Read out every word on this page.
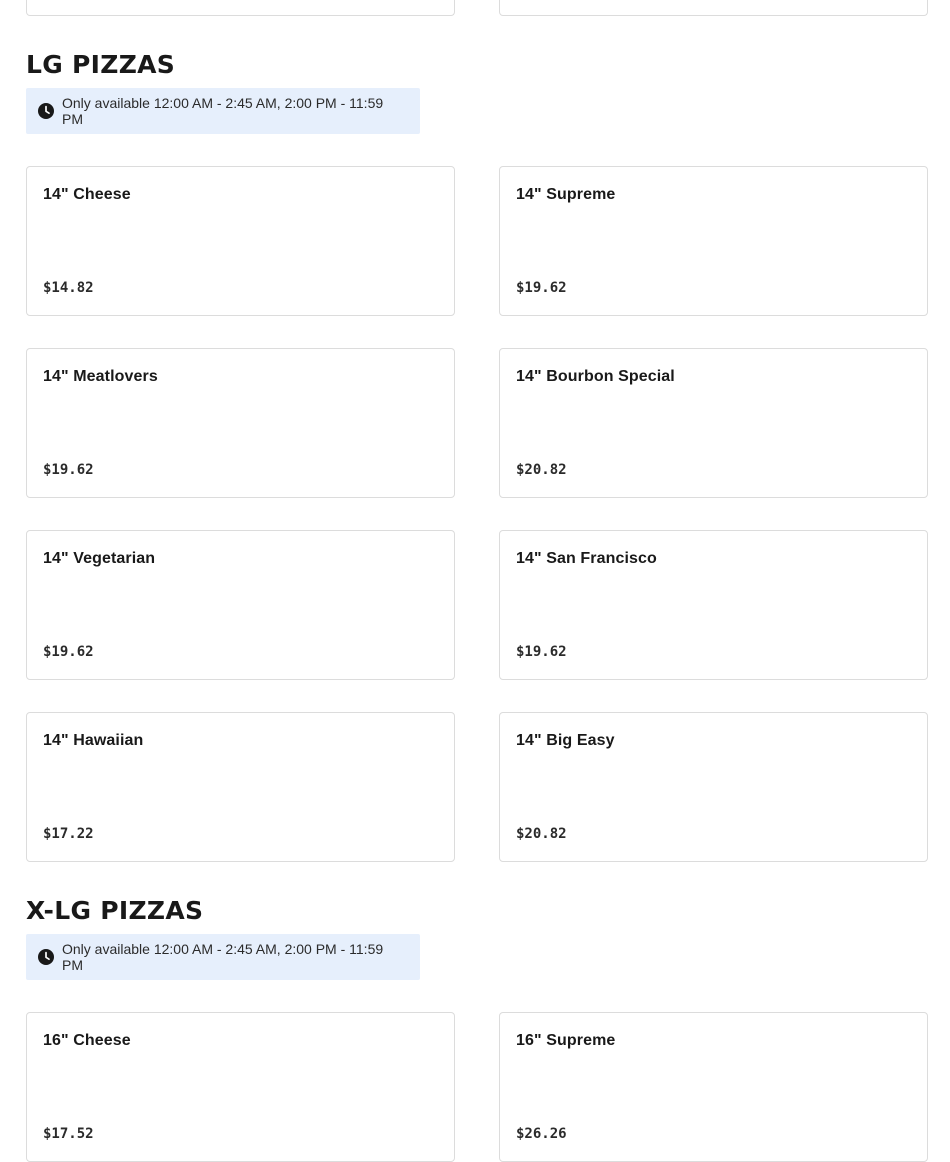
LG PIZZAS
Only available 12:00 AM - 2:45 AM, 2:00 PM - 11:59 PM
14" Cheese
$14.82
14" Supreme
$19.62
14" Meatlovers
$19.62
14" Bourbon Special
$20.82
14" Vegetarian
$19.62
14" San Francisco
$19.62
14" Hawaiian
$17.22
14" Big Easy
$20.82
X-LG PIZZAS
Only available 12:00 AM - 2:45 AM, 2:00 PM - 11:59 PM
16" Cheese
$17.52
16" Supreme
$26.26
